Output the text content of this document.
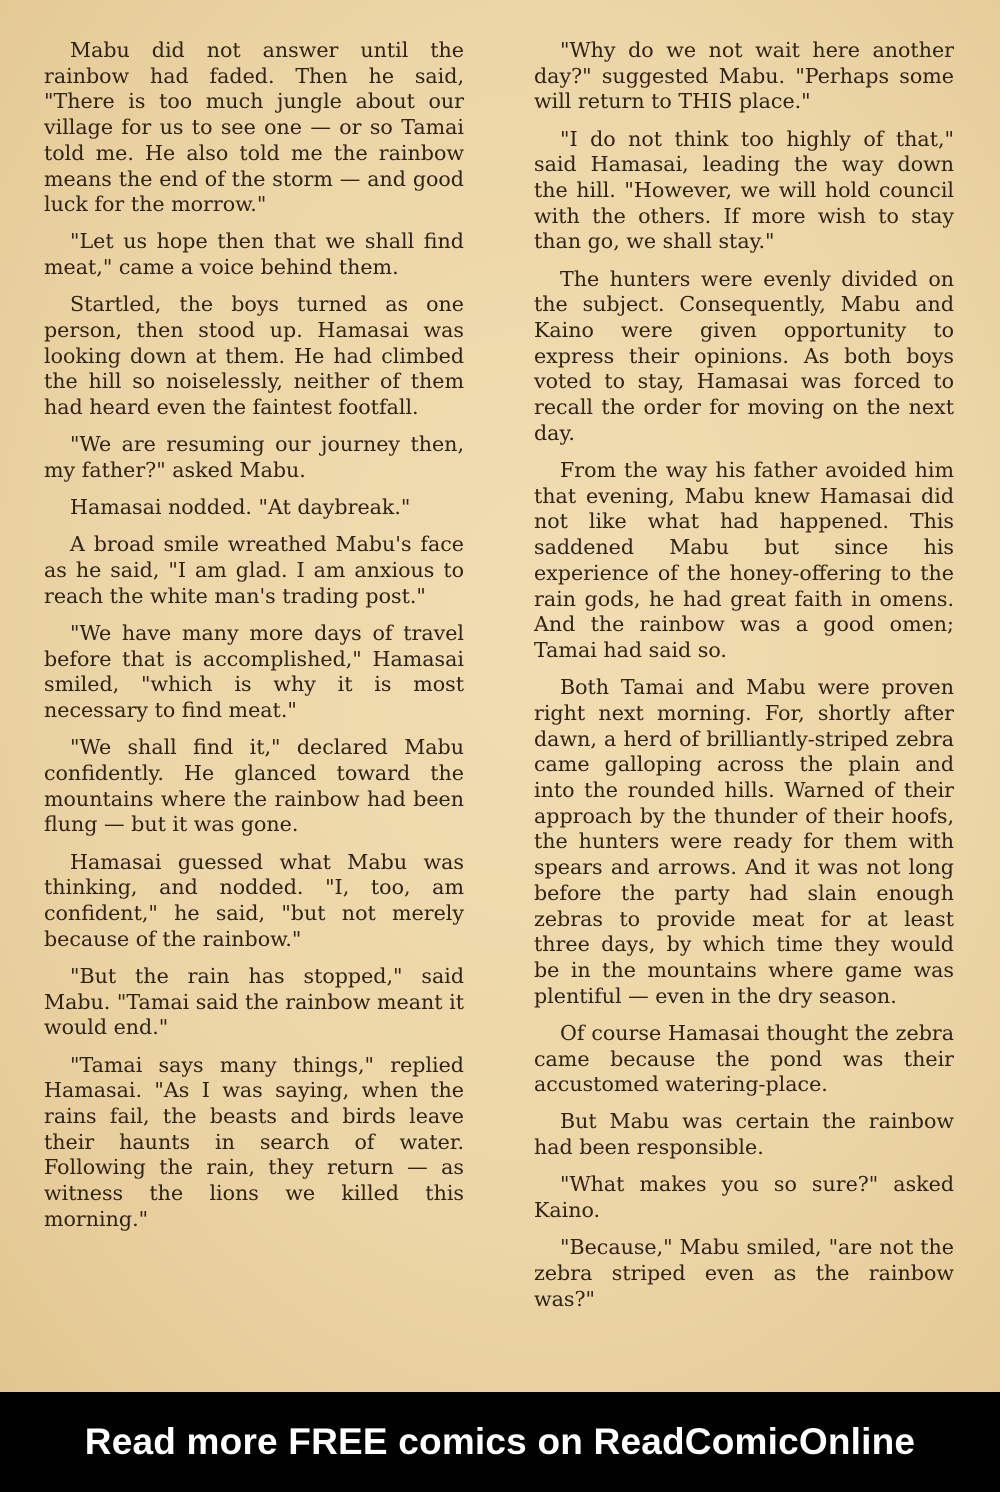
Mabu did not answer until the rainbow had faded. Then he said, "There is too much jungle about our village for us to see one — or so Tamai told me. He also told me the rainbow means the end of the storm — and good luck for the morrow."

"Let us hope then that we shall find meat," came a voice behind them.

Startled, the boys turned as one person, then stood up. Hamasai was looking down at them. He had climbed the hill so noiselessly, neither of them had heard even the faintest footfall.

"We are resuming our journey then, my father?" asked Mabu.

Hamasai nodded. "At daybreak."

A broad smile wreathed Mabu's face as he said, "I am glad. I am anxious to reach the white man's trading post."

"We have many more days of travel before that is accomplished," Hamasai smiled, "which is why it is most necessary to find meat."

"We shall find it," declared Mabu confidently. He glanced toward the mountains where the rainbow had been flung — but it was gone.

Hamasai guessed what Mabu was thinking, and nodded. "I, too, am confident," he said, "but not merely because of the rainbow."

"But the rain has stopped," said Mabu. "Tamai said the rainbow meant it would end."

"Tamai says many things," replied Hamasai. "As I was saying, when the rains fail, the beasts and birds leave their haunts in search of water. Following the rain, they return — as witness the lions we killed this morning."

"Why do we not wait here another day?" suggested Mabu. "Perhaps some will return to THIS place."

"I do not think too highly of that," said Hamasai, leading the way down the hill. "However, we will hold council with the others. If more wish to stay than go, we shall stay."

The hunters were evenly divided on the subject. Consequently, Mabu and Kaino were given opportunity to express their opinions. As both boys voted to stay, Hamasai was forced to recall the order for moving on the next day.

From the way his father avoided him that evening, Mabu knew Hamasai did not like what had happened. This saddened Mabu but since his experience of the honey-offering to the rain gods, he had great faith in omens. And the rainbow was a good omen; Tamai had said so.

Both Tamai and Mabu were proven right next morning. For, shortly after dawn, a herd of brilliantly-striped zebra came galloping across the plain and into the rounded hills. Warned of their approach by the thunder of their hoofs, the hunters were ready for them with spears and arrows. And it was not long before the party had slain enough zebras to provide meat for at least three days, by which time they would be in the mountains where game was plentiful — even in the dry season.

Of course Hamasai thought the zebra came because the pond was their accustomed watering-place.

But Mabu was certain the rainbow had been responsible.

"What makes you so sure?" asked Kaino.

"Because," Mabu smiled, "are not the zebra striped even as the rainbow was?"

Read more FREE comics on ReadComicOnline
